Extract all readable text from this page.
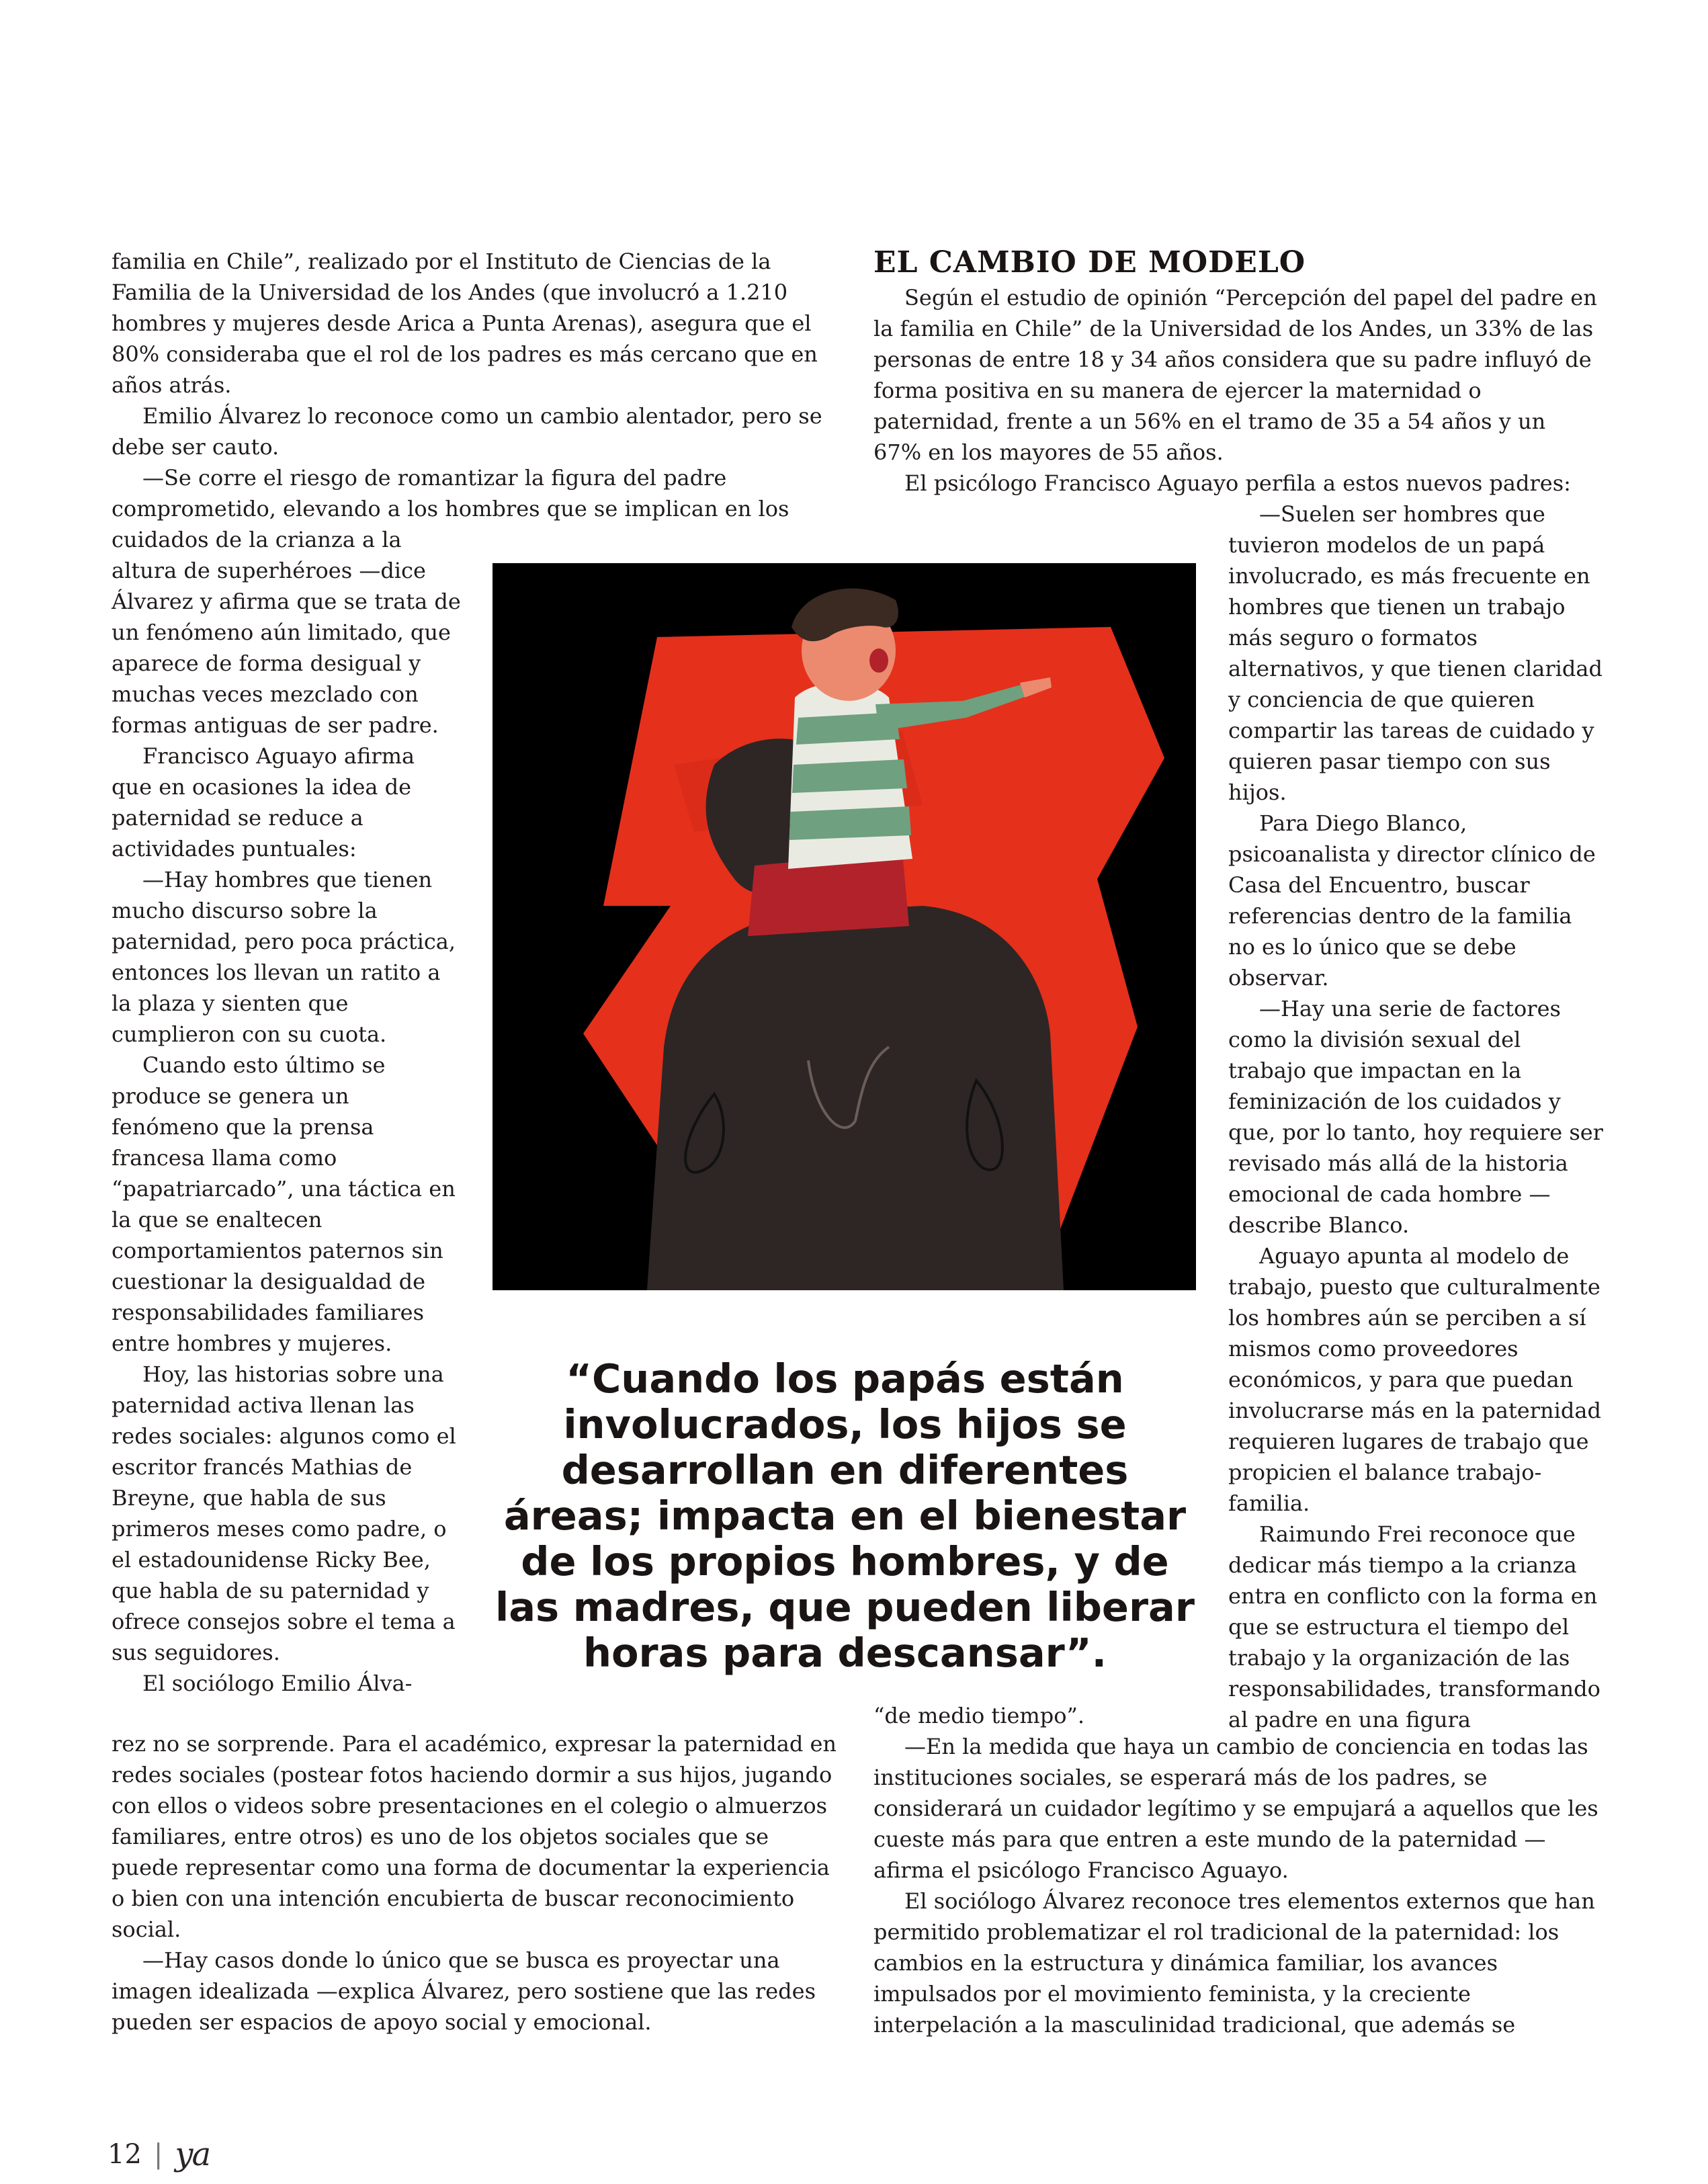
familia en Chile”, realizado por el Instituto de Ciencias de la Familia de la Universidad de los Andes (que involucró a 1.210 hombres y mujeres desde Arica a Punta Arenas), asegura que el 80% consideraba que el rol de los padres es más cercano que en años atrás.

Emilio Álvarez lo reconoce como un cambio alentador, pero se debe ser cauto.

—Se corre el riesgo de romantizar la figura del padre comprometido, elevando a los hombres que se implican en los

cuidados de la crianza a la altura de superhéroes —dice Álvarez y afirma que se trata de un fenómeno aún limitado, que aparece de forma desigual y muchas veces mezclado con formas antiguas de ser padre.

Francisco Aguayo afirma que en ocasiones la idea de paternidad se reduce a actividades puntuales:

—Hay hombres que tienen mucho discurso sobre la paternidad, pero poca práctica, entonces los llevan un ratito a la plaza y sienten que cumplieron con su cuota.

Cuando esto último se produce se genera un fenómeno que la prensa francesa llama como “papatriarcado”, una táctica en la que se enaltecen comportamientos paternos sin cuestionar la desigualdad de responsabilidades familiares entre hombres y mujeres.

Hoy, las historias sobre una paternidad activa llenan las redes sociales: algunos como el escritor francés Mathias de Breyne, que habla de sus primeros meses como padre, o el estadounidense Ricky Bee, que habla de su paternidad y ofrece consejos sobre el tema a sus seguidores.

El sociólogo Emilio Álva-

rez no se sorprende. Para el académico, expresar la paternidad en redes sociales (postear fotos haciendo dormir a sus hijos, jugando con ellos o videos sobre presentaciones en el colegio o almuerzos familiares, entre otros) es uno de los objetos sociales que se puede representar como una forma de documentar la experiencia o bien con una intención encubierta de buscar reconocimiento social.

—Hay casos donde lo único que se busca es proyectar una imagen idealizada —explica Álvarez, pero sostiene que las redes pueden ser espacios de apoyo social y emocional.

EL CAMBIO DE MODELO

Según el estudio de opinión “Percepción del papel del padre en la familia en Chile” de la Universidad de los Andes, un 33% de las personas de entre 18 y 34 años considera que su padre influyó de forma positiva en su manera de ejercer la maternidad o paternidad, frente a un 56% en el tramo de 35 a 54 años y un 67% en los mayores de 55 años.

El psicólogo Francisco Aguayo perfila a estos nuevos padres:

—Suelen ser hombres que tuvieron modelos de un papá involucrado, es más frecuente en hombres que tienen un trabajo más seguro o formatos alternativos, y que tienen claridad y conciencia de que quieren compartir las tareas de cuidado y quieren pasar tiempo con sus hijos.

Para Diego Blanco, psicoanalista y director clínico de Casa del Encuentro, buscar referencias dentro de la familia no es lo único que se debe observar.

—Hay una serie de factores como la división sexual del trabajo que impactan en la feminización de los cuidados y que, por lo tanto, hoy requiere ser revisado más allá de la historia emocional de cada hombre —describe Blanco.

Aguayo apunta al modelo de trabajo, puesto que culturalmente los hombres aún se perciben a sí mismos como proveedores económicos, y para que puedan involucrarse más en la paternidad requieren lugares de trabajo que propicien el balance trabajo-familia.

Raimundo Frei reconoce que dedicar más tiempo a la crianza entra en conflicto con la forma en que se estructura el tiempo del trabajo y la organización de las responsabilidades, transformando al padre en una figura

“de medio tiempo”.

—En la medida que haya un cambio de conciencia en todas las instituciones sociales, se esperará más de los padres, se considerará un cuidador legítimo y se empujará a aquellos que les cueste más para que entren a este mundo de la paternidad —afirma el psicólogo Francisco Aguayo.

El sociólogo Álvarez reconoce tres elementos externos que han permitido problematizar el rol tradicional de la paternidad: los cambios en la estructura y dinámica familiar, los avances impulsados por el movimiento feminista, y la creciente interpelación a la masculinidad tradicional, que además se

“Cuando los papás están involucrados, los hijos se desarrollan en diferentes áreas; impacta en el bienestar de los propios hombres, y de las madres, que pueden liberar horas para descansar”.

12 | ya
